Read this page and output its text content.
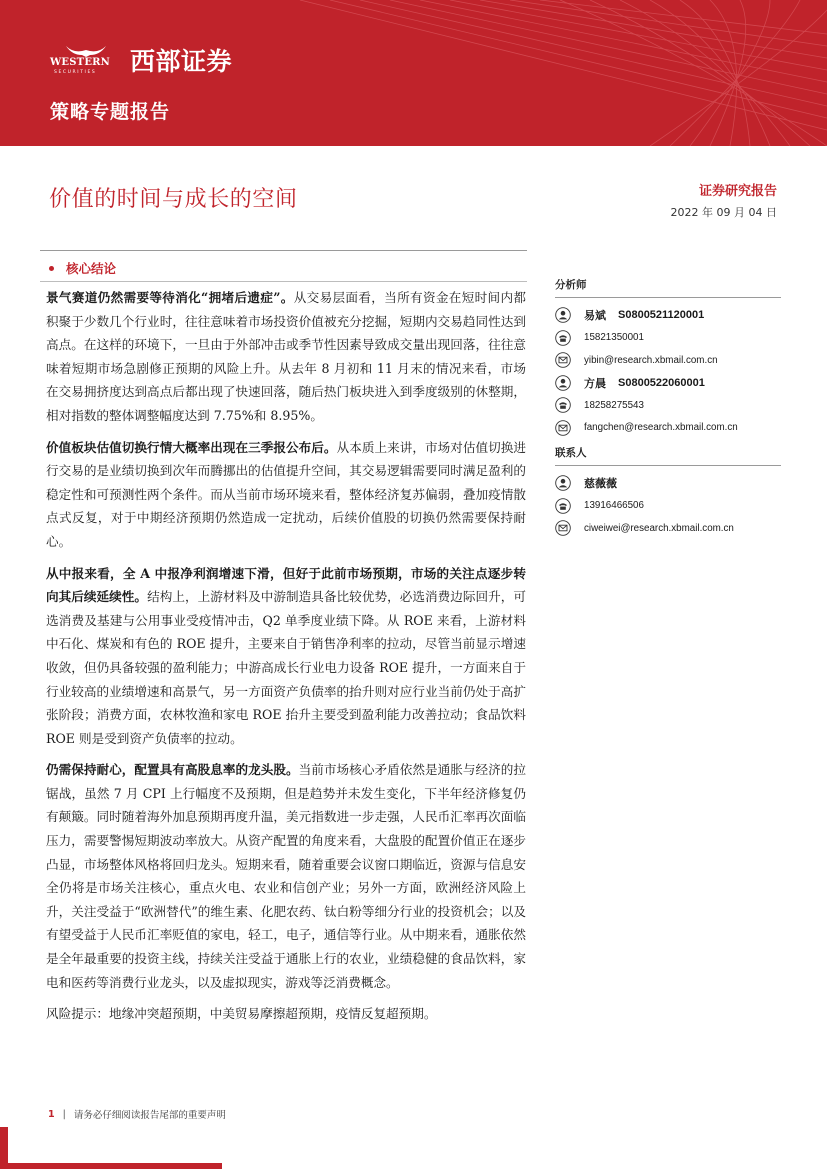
WESTERN
SECURITIES 西部证券
策略专题报告
价值的时间与成长的空间	证券研究报告
2022 年 09 月 04 日
核心结论

景气赛道仍然需要等待消化“拥堵后遗症”。从交易层面看，当所有资金在短时间内都积聚于少数几个行业时，往往意味着市场投资价值被充分挖掘，短期内交易趋同性达到高点。在这样的环境下，一旦由于外部冲击或季节性因素导致成交量出现回落，往往意味着短期市场急剧修正预期的风险上升。从去年 8 月初和 11 月末的情况来看，市场在交易拥挤度达到高点后都出现了快速回落，随后热门板块进入到季度级别的休整期，相对指数的整体调整幅度达到 7.75%和 8.95%。

价值板块估值切换行情大概率出现在三季报公布后。从本质上来讲，市场对估值切换进行交易的是业绩切换到次年而腾挪出的估值提升空间，其交易逻辑需要同时满足盈利的稳定性和可预测性两个条件。而从当前市场环境来看，整体经济复苏偏弱，叠加疫情散点式反复，对于中期经济预期仍然造成一定扰动，后续价值股的切换仍然需要保持耐心。

从中报来看，全 A 中报净利润增速下滑，但好于此前市场预期，市场的关注点逐步转向其后续延续性。结构上，上游材料及中游制造具备比较优势，必选消费边际回升，可选消费及基建与公用事业受疫情冲击，Q2 单季度业绩下降。从 ROE 来看，上游材料中石化、煤炭和有色的 ROE 提升，主要来自于销售净利率的拉动，尽管当前显示增速收敛，但仍具备较强的盈利能力；中游高成长行业电力设备 ROE 提升，一方面来自于行业较高的业绩增速和高景气，另一方面资产负债率的抬升则对应行业当前仍处于高扩张阶段；消费方面，农林牧渔和家电 ROE 抬升主要受到盈利能力改善拉动；食品饮料 ROE 则是受到资产负债率的拉动。

仍需保持耐心，配置具有高股息率的龙头股。当前市场核心矛盾依然是通胀与经济的拉锯战，虽然 7 月 CPI 上行幅度不及预期，但是趋势并未发生变化，下半年经济修复仍有颠簸。同时随着海外加息预期再度升温，美元指数进一步走强，人民币汇率再次面临压力，需要警惕短期波动率放大。从资产配置的角度来看，大盘股的配置价值正在逐步凸显，市场整体风格将回归龙头。短期来看，随着重要会议窗口期临近，资源与信息安全仍将是市场关注核心，重点火电、农业和信创产业；另外一方面，欧洲经济风险上升，关注受益于“欧洲替代”的维生素、化肥农药、钛白粉等细分行业的投资机会；以及有望受益于人民币汇率贬值的家电，轻工，电子，通信等行业。从中期来看，通胀依然是全年最重要的投资主线，持续关注受益于通胀上行的农业，业绩稳健的食品饮料，家电和医药等消费行业龙头，以及虚拟现实，游戏等泛消费概念。

风险提示：地缘冲突超预期，中美贸易摩擦超预期，疫情反复超预期。

分析师
易斌 S0800521120001
15821350001
yibin@research.xbmail.com.cn
方晨 S0800522060001
18258275543
fangchen@research.xbmail.com.cn
联系人
慈薇薇
13916466506
ciweiwei@research.xbmail.com.cn
1 | 请务必仔细阅读报告尾部的重要声明
